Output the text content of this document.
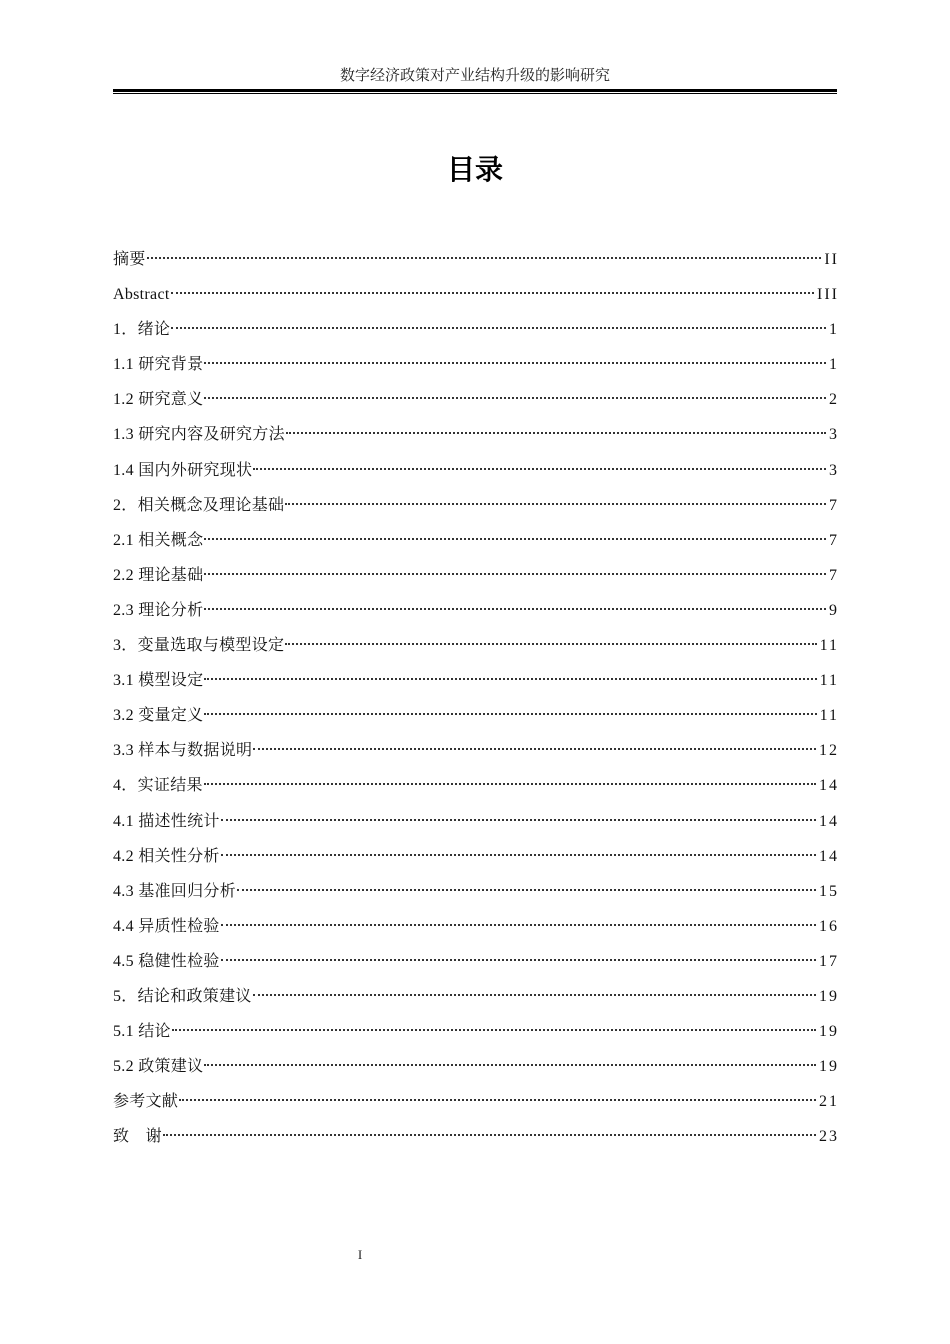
数字经济政策对产业结构升级的影响研究
目录
摘要	II
Abstract	III
1．绪论	1
1.1 研究背景	1
1.2 研究意义	2
1.3 研究内容及研究方法	3
1.4 国内外研究现状	3
2．相关概念及理论基础	7
2.1 相关概念	7
2.2 理论基础	7
2.3 理论分析	9
3．变量选取与模型设定	11
3.1 模型设定	11
3.2 变量定义	11
3.3 样本与数据说明	12
4．实证结果	14
4.1 描述性统计	14
4.2 相关性分析	14
4.3 基准回归分析	15
4.4 异质性检验	16
4.5 稳健性检验	17
5．结论和政策建议	19
5.1 结论	19
5.2 政策建议	19
参考文献	21
致　谢	23
I
